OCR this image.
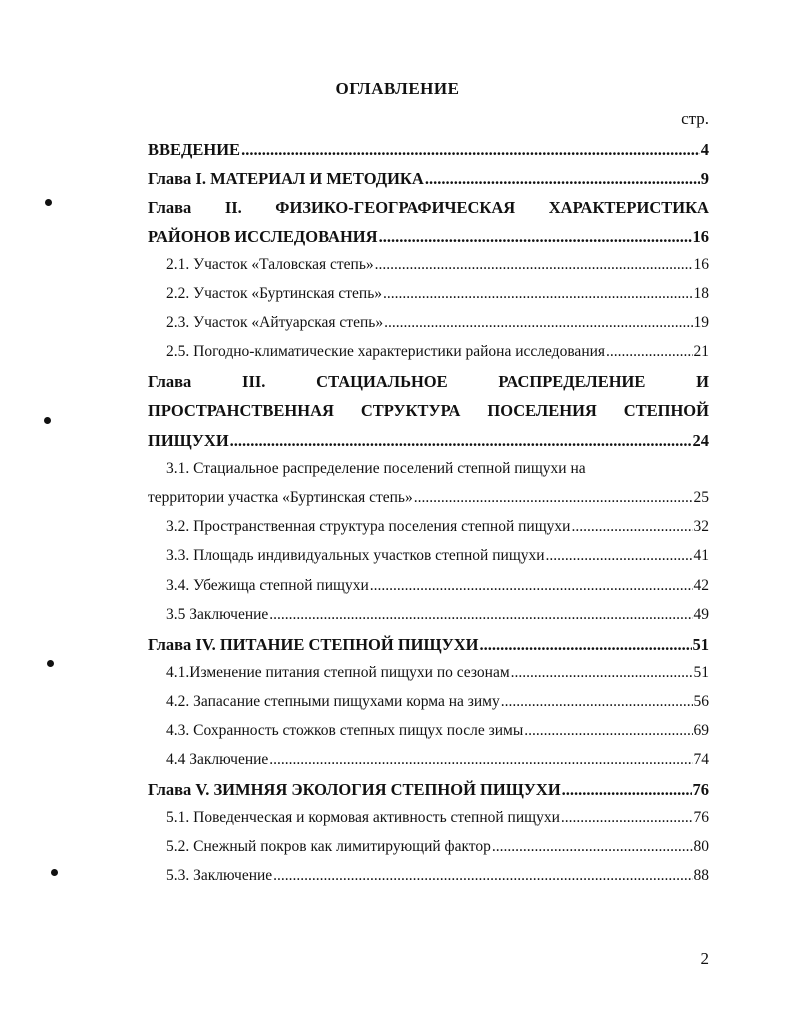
ОГЛАВЛЕНИЕ
стр.
ВВЕДЕНИЕ .....	4
Глава I. МАТЕРИАЛ И МЕТОДИКА .....	9
Глава II. ФИЗИКО-ГЕОГРАФИЧЕСКАЯ ХАРАКТЕРИСТИКА
РАЙОНОВ ИССЛЕДОВАНИЯ .....	16
2.1. Участок «Таловская степь» .....	16
2.2. Участок «Буртинская степь» .....	18
2.3. Участок «Айтуарская степь» .....	19
2.5. Погодно-климатические характеристики района исследования .....	21
Глава	III.	СТАЦИАЛЬНОЕ	РАСПРЕДЕЛЕНИЕ	И
ПРОСТРАНСТВЕННАЯ СТРУКТУРА ПОСЕЛЕНИЯ СТЕПНОЙ
ПИЩУХИ .....	24
3.1. Стациальное распределение поселений степной пищухи на
территории участка «Буртинская степь» .....	25
3.2. Пространственная структура поселения степной пищухи .....	32
3.3. Площадь индивидуальных участков степной пищухи .....	41
3.4. Убежища степной пищухи .....	42
3.5 Заключение .....	49
Глава IV. ПИТАНИЕ СТЕПНОЙ ПИЩУХИ .....	51
4.1.Изменение питания степной пищухи по сезонам .....	51
4.2. Запасание степными пищухами корма на зиму .....	56
4.3. Сохранность стожков степных пищух после зимы .....	69
4.4 Заключение .....	74
Глава V. ЗИМНЯЯ ЭКОЛОГИЯ СТЕПНОЙ ПИЩУХИ .....	76
5.1. Поведенческая и кормовая активность степной пищухи .....	76
5.2. Снежный покров как лимитирующий фактор .....	80
5.3. Заключение .....	88
2
